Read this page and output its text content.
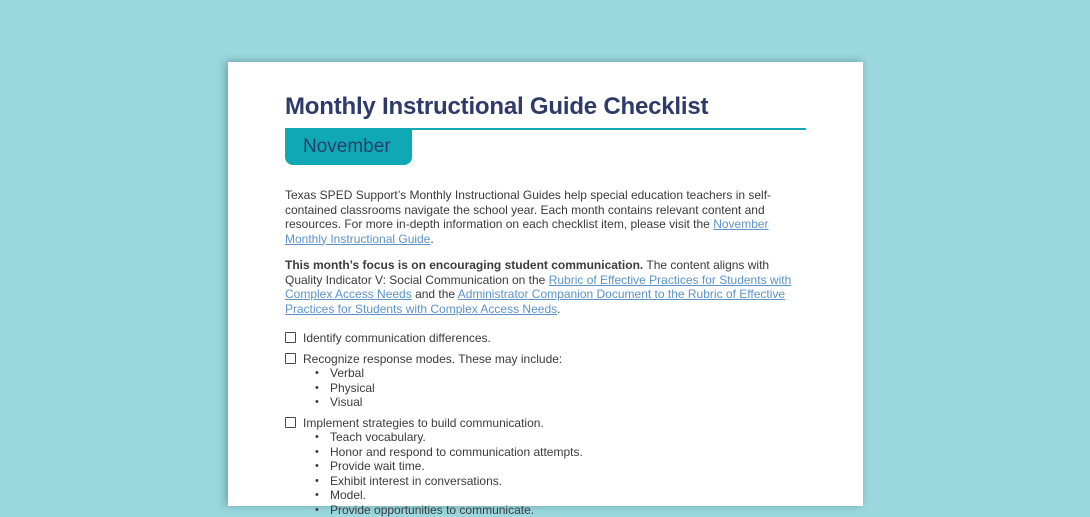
Monthly Instructional Guide Checklist
November

Texas SPED Support’s Monthly Instructional Guides help special education teachers in self-contained classrooms navigate the school year. Each month contains relevant content and resources. For more in-depth information on each checklist item, please visit the November Monthly Instructional Guide.

This month’s focus is on encouraging student communication. The content aligns with Quality Indicator V: Social Communication on the Rubric of Effective Practices for Students with Complex Access Needs and the Administrator Companion Document to the Rubric of Effective Practices for Students with Complex Access Needs.

Identify communication differences.
Recognize response modes. These may include:
• Verbal
• Physical
• Visual
Implement strategies to build communication.
• Teach vocabulary.
• Honor and respond to communication attempts.
• Provide wait time.
• Exhibit interest in conversations.
• Model.
• Provide opportunities to communicate.
